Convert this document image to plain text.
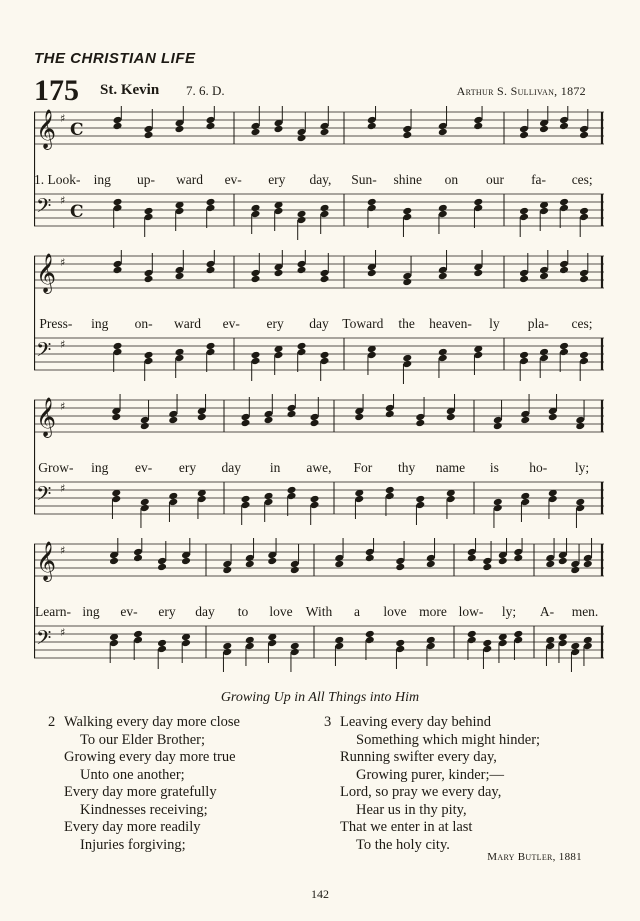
THE CHRISTIAN LIFE
175 St. Kevin 7. 6. D.	Arthur S. Sullivan, 1872
𝄞 ♯
C
𝄢 ♯
C
1. Look- ing	up-	ward	ev-	ery	day,	Sun-	shine	on	our	fa-	ces;
𝄞 ♯
𝄢 ♯
Press-	ing	on-	ward	ev-	ery	day	Toward	the	heaven-	ly	pla-	ces;
𝄞 ♯
𝄢 ♯
Grow-	ing	ev-	ery	day	in	awe,	For	thy	name	is	ho-	ly;
𝄞 ♯
𝄢 ♯
Learn- ing	ev-	ery	day	to	love With	a	love more low-	ly;	A-	men.
Growing Up in All Things into Him
2 Walking every day more close
To our Elder Brother;
Growing every day more true
Unto one another;
Every day more gratefully
Kindnesses receiving;
Every day more readily
Injuries forgiving;
3 Leaving every day behind
Something which might hinder;
Running swifter every day,
Growing purer, kinder;—
Lord, so pray we every day,
Hear us in thy pity,
That we enter in at last
To the holy city.
Mary Butler, 1881
142
